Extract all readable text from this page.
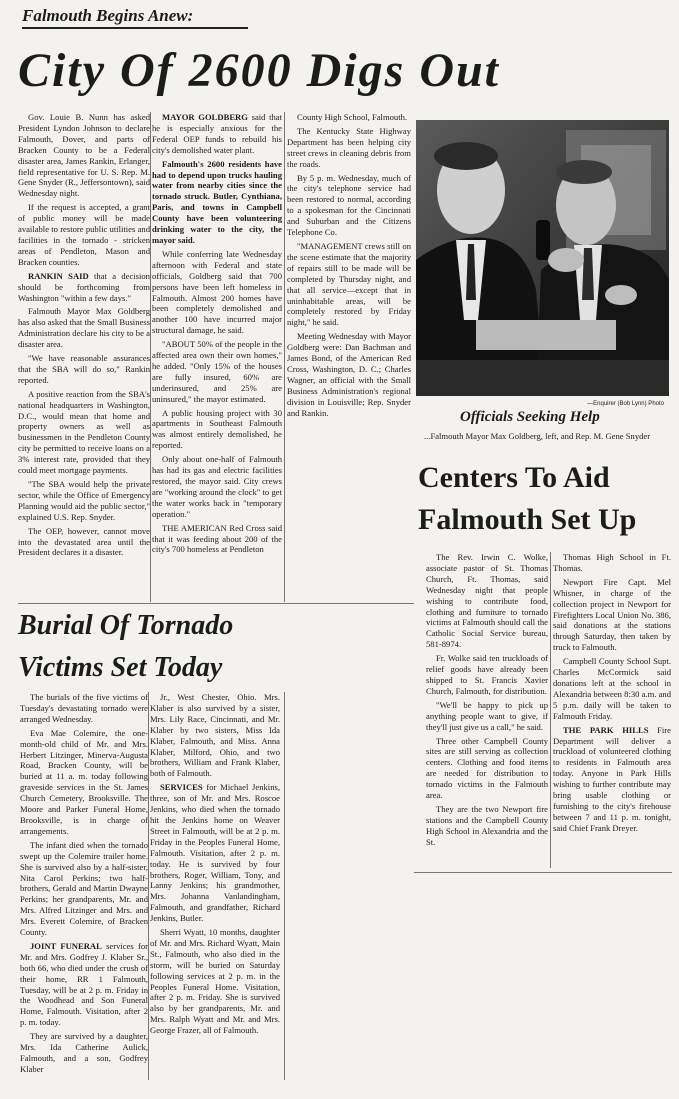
Falmouth Begins Anew:
City Of 2600 Digs Out

Gov. Louie B. Nunn has asked President Lyndon Johnson to declare Falmouth, Dover, and parts of Bracken County to be a Federal disaster area, James Rankin, Erlanger, field representative for U. S. Rep. M. Gene Snyder (R., Jeffersontown), said Wednesday night.

If the request is accepted, a grant of public money will be made available to restore public utilities and facilities in the tornado - stricken areas of Pendleton, Mason and Bracken counties.

RANKIN SAID that a decision should be forthcoming from Washington "within a few days."

Falmouth Mayor Max Goldberg has also asked that the Small Business Administration declare his city to be a disaster area.

"We have reasonable assurances that the SBA will do so," Rankin reported.

A positive reaction from the SBA's national headquarters in Washington, D.C., would mean that home and property owners as well as businessmen in the Pendleton County city be permitted to receive loans on a 3% interest rate, provided that they could meet mortgage payments.

"The SBA would help the private sector, while the Office of Emergency Planning would aid the public sector," explained U.S. Rep. Snyder.

The OEP, however, cannot move into the devastated area until the President declares it a disaster.

MAYOR GOLDBERG said that he is especially anxious for the Federal OEP funds to rebuild his city's demolished water plant.

Falmouth's 2600 residents have had to depend upon trucks hauling water from nearby cities since the tornado struck. Butler, Cynthiana, Paris, and towns in Campbell County have been volunteering drinking water to the city, the mayor said.

While conferring late Wednesday afternoon with Federal and state officials, Goldberg said that 700 persons have been left homeless in Falmouth. Almost 200 homes have been completely demolished and another 100 have incurred major structural damage, he said.

"ABOUT 50% of the people in the affected area own their own homes," he added. "Only 15% of the houses are fully insured, 60% are underinsured, and 25% are uninsured," the mayor estimated.

A public housing project with 30 apartments in Southeast Falmouth was almost entirely demolished, he reported.

Only about one-half of Falmouth has had its gas and electric facilities restored, the mayor said. City crews are "working around the clock" to get the water works back in "temporary operation."

THE AMERICAN Red Cross said that it was feeding about 200 of the city's 700 homeless at Pendleton

County High School, Falmouth.

The Kentucky State Highway Department has been helping city street crews in cleaning debris from the roads.

By 5 p. m. Wednesday, much of the city's telephone service had been restored to normal, according to a spokesman for the Cincinnati and Suburban and the Citizens Telephone Co.

"MANAGEMENT crews still on the scene estimate that the majority of repairs still to be made will be completed by Thursday night, and that all service—except that in uninhabitable areas, will be completely restored by Friday night," he said.

Meeting Wednesday with Mayor Goldberg were: Dan Bachman and James Bond, of the American Red Cross, Washington, D. C.; Charles Wagner, an official with the Small Business Administration's regional division in Louisville; Rep. Snyder and Rankin.

—Enquirer (Bob Lynn) Photo
Officials Seeking Help
...Falmouth Mayor Max Goldberg, left, and Rep. M. Gene Snyder
Centers To Aid Falmouth Set Up

The Rev. Irwin C. Wolke, associate pastor of St. Thomas Church, Ft. Thomas, said Wednesday night that people wishing to contribute food, clothing and furniture to tornado victims at Falmouth should call the Catholic Social Service bureau, 581-8974.

Fr. Wolke said ten truckloads of relief goods have already been shipped to St. Francis Xavier Church, Falmouth, for distribution.

"We'll be happy to pick up anything people want to give, if they'll just give us a call," he said.

Three other Campbell County sites are still serving as collection centers. Clothing and food items are needed for distribution to tornado victims in the Falmouth area.

They are the two Newport fire stations and the Campbell County High School in Alexandria and the St.

Thomas High School in Ft. Thomas.

Newport Fire Capt. Mel Whisner, in charge of the collection project in Newport for Firefighters Local Union No. 386, said donations at the stations through Saturday, then taken by truck to Falmouth.

Campbell County School Supt. Charles McCormick said donations left at the school in Alexandria between 8:30 a.m. and 5 p.m. daily will be taken to Falmouth Friday.

THE PARK HILLS Fire Department will deliver a truckload of volunteered clothing to residents in Falmouth area today. Anyone in Park Hills wishing to further contribute may bring usable clothing or furnishing to the city's firehouse between 7 and 11 p. m. tonight, said Chief Frank Dreyer.

Burial Of Tornado Victims Set Today

The burials of the five victims of Tuesday's devastating tornado were arranged Wednesday.

Eva Mae Colemire, the one-month-old child of Mr. and Mrs. Herbert Litzinger, Minerva-Augusta Road, Bracken County, will be buried at 11 a. m. today following graveside services in the St. James Church Cemetery, Brooksville. The Moore and Parker Funeral Home, Brooksville, is in charge of arrangements.

The infant died when the tornado swept up the Colemire trailer home. She is survived also by a half-sister, Nita Carol Perkins; two half-brothers, Gerald and Martin Dwayne Perkins; her grandparents, Mr. and Mrs. Alfred Litzinger and Mrs. and Mrs. Everett Colemire, of Bracken County.

JOINT FUNERAL services for Mr. and Mrs. Godfrey J. Klaber Sr., both 66, who died under the crush of their home, RR 1 Falmouth, Tuesday, will be at 2 p. m. Friday in the Woodhead and Son Funeral Home, Falmouth. Visitation, after 2 p. m. today.

They are survived by a daughter, Mrs. Ida Catherine Aulick, Falmouth, and a son, Godfrey Klaber

Jr., West Chester, Ohio. Mrs. Klaber is also survived by a sister, Mrs. Lily Race, Cincinnati, and Mr. Klaber by two sisters, Miss Ida Klaber, Falmouth, and Miss. Anna Klaber, Milford, Ohio, and two brothers, William and Frank Klaber, both of Falmouth.

SERVICES for Michael Jenkins, three, son of Mr. and Mrs. Roscoe Jenkins, who died when the tornado hit the Jenkins home on Weaver Street in Falmouth, will be at 2 p. m. Friday in the Peoples Funeral Home, Falmouth. Visitation, after 2 p. m. today. He is survived by four brothers, Roger, William, Tony, and Lanny Jenkins; his grandmother, Mrs. Johanna Vanlandingham, Falmouth, and grandfather, Richard Jenkins, Butler.

Sherri Wyatt, 10 months, daughter of Mr. and Mrs. Richard Wyatt, Main St., Falmouth, who also died in the storm, will be buried on Saturday following services at 2 p. m. in the Peoples Funeral Home. Visitation, after 2 p. m. Friday. She is survived also by her grandparents, Mr. and Mrs. Ralph Wyatt and Mr. and Mrs. George Frazer, all of Falmouth.
